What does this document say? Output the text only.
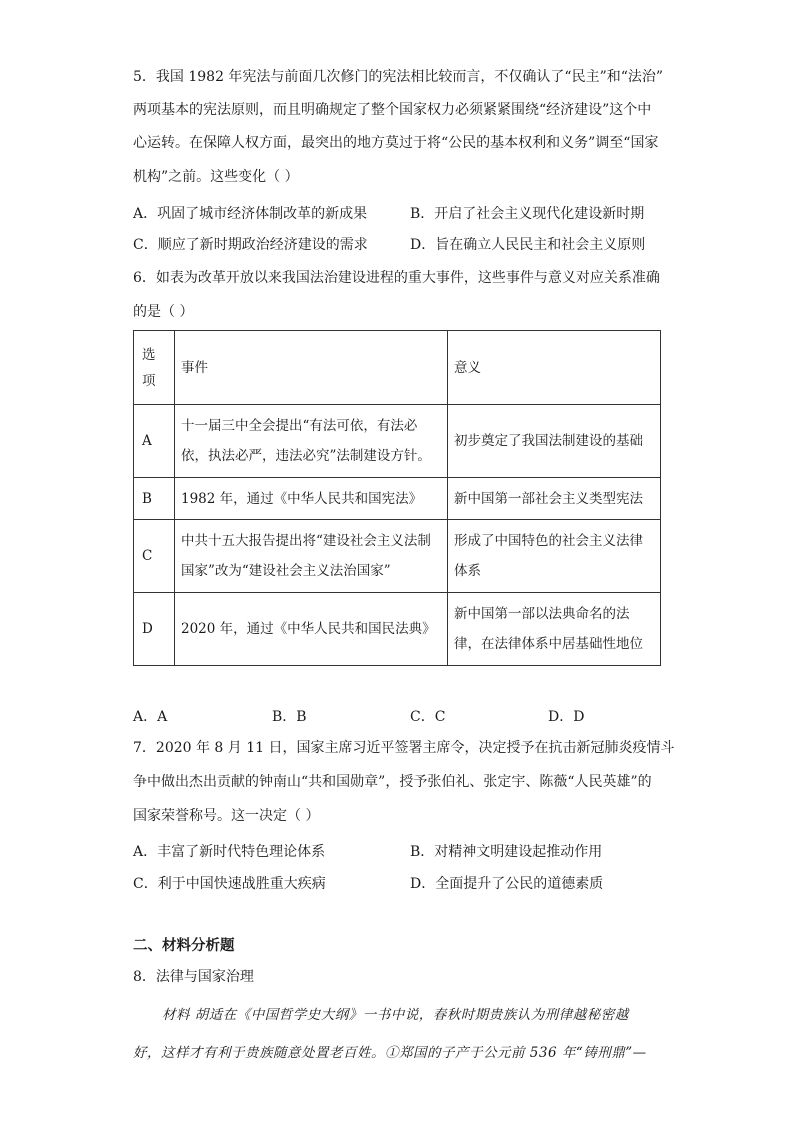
5．我国 1982 年宪法与前面几次修门的宪法相比较而言，不仅确认了“民主”和“法治”
两项基本的宪法原则，而且明确规定了整个国家权力必须紧紧围绕“经济建设”这个中
心运转。在保障人权方面，最突出的地方莫过于将“公民的基本权利和义务”调至“国家
机构”之前。这些变化（ ）
A．巩固了城市经济体制改革的新成果	B．开启了社会主义现代化建设新时期
C．顺应了新时期政治经济建设的需求	D．旨在确立人民民主和社会主义原则
6．如表为改革开放以来我国法治建设进程的重大事件，这些事件与意义对应关系准确
的是（ ）
选项	事件	意义
A	十一届三中全会提出“有法可依，有法必依，执法必严，违法必究”法制建设方针。	初步奠定了我国法制建设的基础
B	1982 年，通过《中华人民共和国宪法》	新中国第一部社会主义类型宪法
C	中共十五大报告提出将“建设社会主义法制国家”改为“建设社会主义法治国家”	形成了中国特色的社会主义法律体系
D	2020 年，通过《中华人民共和国民法典》	新中国第一部以法典命名的法律，在法律体系中居基础性地位
A．A	B．B	C．C	D．D
7．2020 年 8 月 11 日，国家主席习近平签署主席令，决定授予在抗击新冠肺炎疫情斗
争中做出杰出贡献的钟南山“共和国勋章”，授予张伯礼、张定宇、陈薇“人民英雄”的
国家荣誉称号。这一决定（ ）
A．丰富了新时代特色理论体系	B．对精神文明建设起推动作用
C．利于中国快速战胜重大疾病	D．全面提升了公民的道德素质
二、材料分析题
8．法律与国家治理
材料 胡适在《中国哲学史大纲》一书中说，春秋时期贵族认为刑律越秘密越
好，这样才有利于贵族随意处置老百姓。①郑国的子产于公元前 536 年“铸刑鼎”—
